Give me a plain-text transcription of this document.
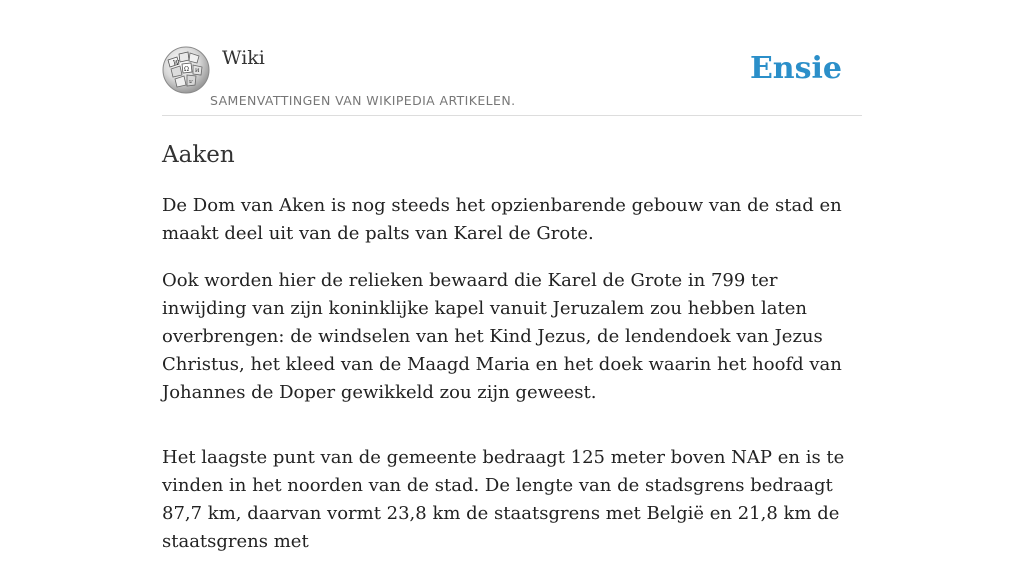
W
Ω И
ש
Wiki
SAMENVATTINGEN VAN WIKIPEDIA ARTIKELEN.
Ensie
Aaken

De Dom van Aken is nog steeds het opzienbarende gebouw van de stad en maakt deel uit van de palts van Karel de Grote.

Ook worden hier de relieken bewaard die Karel de Grote in 799 ter inwijding van zijn koninklijke kapel vanuit Jeruzalem zou hebben laten overbrengen: de windselen van het Kind Jezus, de lendendoek van Jezus Christus, het kleed van de Maagd Maria en het doek waarin het hoofd van Johannes de Doper gewikkeld zou zijn geweest.

Het laagste punt van de gemeente bedraagt 125 meter boven NAP en is te vinden in het noorden van de stad. De lengte van de stadsgrens bedraagt 87,7 km, daarvan vormt 23,8 km de staatsgrens met België en 21,8 km de staatsgrens met
